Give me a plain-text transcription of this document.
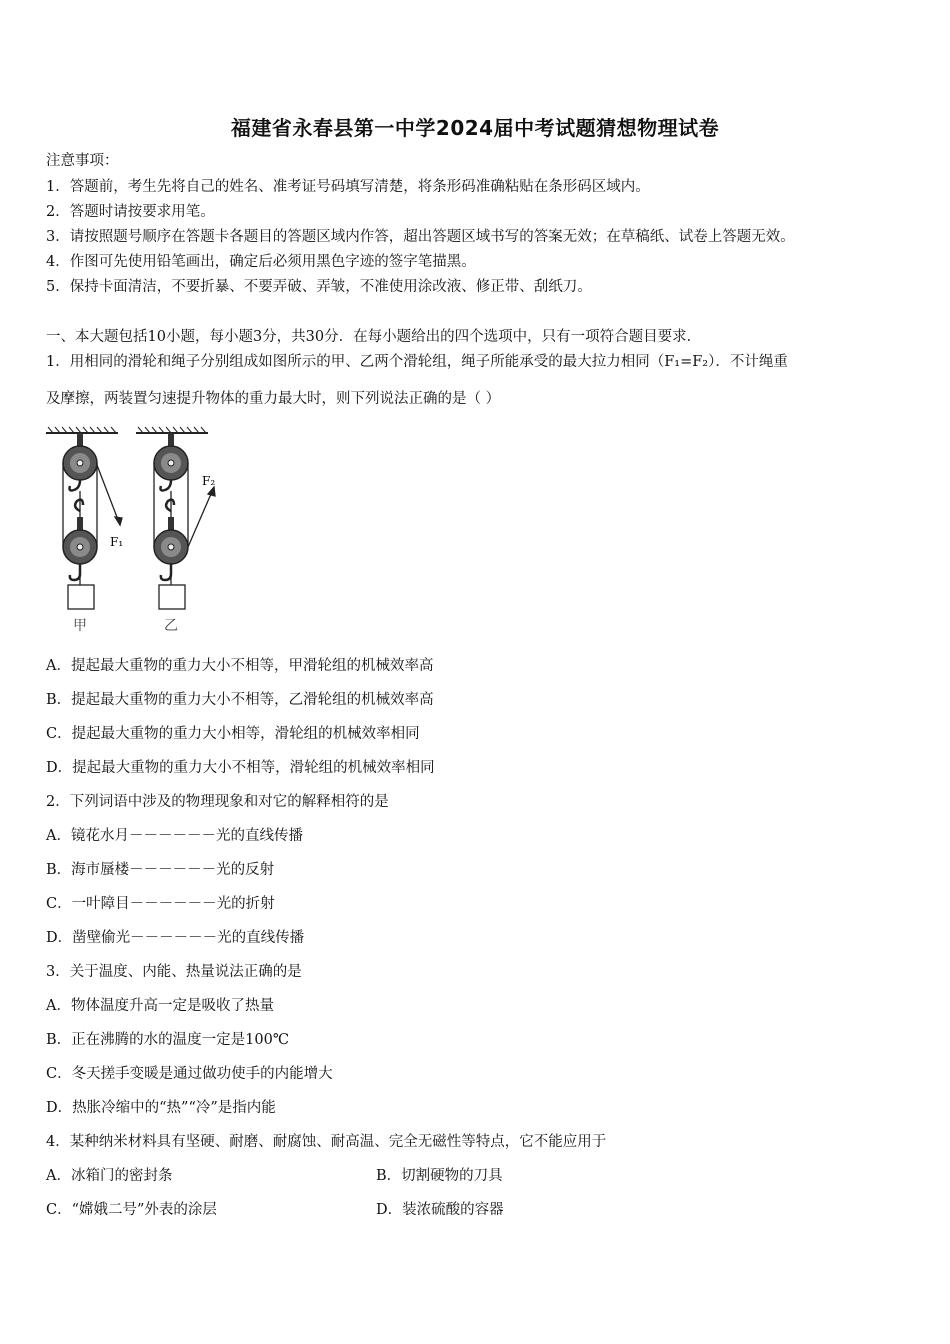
福建省永春县第一中学2024届中考试题猜想物理试卷
注意事项：
1．答题前，考生先将自己的姓名、准考证号码填写清楚，将条形码准确粘贴在条形码区域内。
2．答题时请按要求用笔。
3．请按照题号顺序在答题卡各题目的答题区域内作答，超出答题区域书写的答案无效；在草稿纸、试卷上答题无效。
4．作图可先使用铅笔画出，确定后必须用黑色字迹的签字笔描黑。
5．保持卡面清洁，不要折暴、不要弄破、弄皱，不准使用涂改液、修正带、刮纸刀。
一、本大题包括10小题，每小题3分，共30分．在每小题给出的四个选项中，只有一项符合题目要求．
1．用相同的滑轮和绳子分别组成如图所示的甲、乙两个滑轮组，绳子所能承受的最大拉力相同（F₁=F₂）．不计绳重
及摩擦，两装置匀速提升物体的重力最大时，则下列说法正确的是（ ）
F₁
甲
F₂
乙
A．提起最大重物的重力大小不相等，甲滑轮组的机械效率高
B．提起最大重物的重力大小不相等，乙滑轮组的机械效率高
C．提起最大重物的重力大小相等，滑轮组的机械效率相同
D．提起最大重物的重力大小不相等，滑轮组的机械效率相同
2．下列词语中涉及的物理现象和对它的解释相符的是
A．镜花水月－－－－－－光的直线传播
B．海市蜃楼－－－－－－光的反射
C．一叶障目－－－－－－光的折射
D．凿壁偷光－－－－－－光的直线传播
3．关于温度、内能、热量说法正确的是
A．物体温度升高一定是吸收了热量
B．正在沸腾的水的温度一定是100℃
C．冬天搓手变暖是通过做功使手的内能增大
D．热胀冷缩中的“热”“冷”是指内能
4．某种纳米材料具有坚硬、耐磨、耐腐蚀、耐高温、完全无磁性等特点，它不能应用于
A．冰箱门的密封条	B．切割硬物的刀具
C．“嫦娥二号”外表的涂层	D．装浓硫酸的容器
